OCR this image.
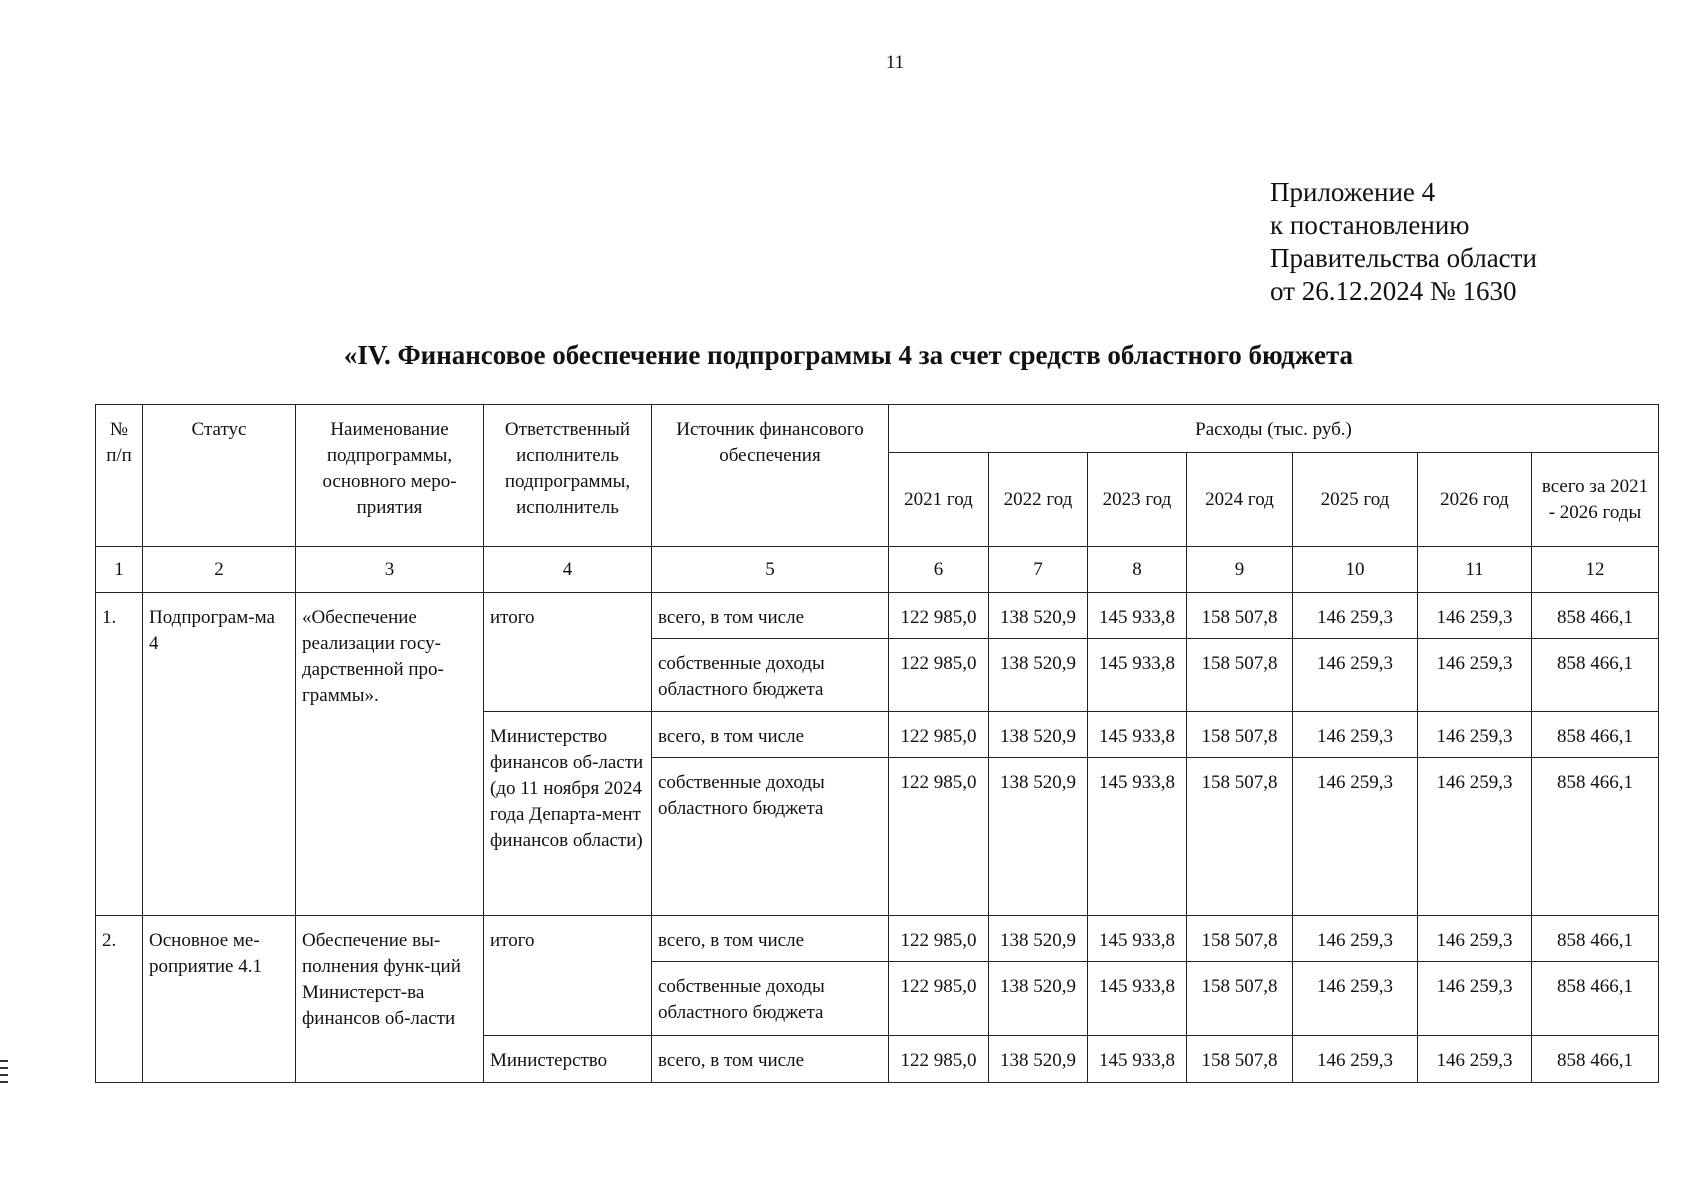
11
Приложение 4
к постановлению
Правительства области
от 26.12.2024 № 1630
«IV. Финансовое обеспечение подпрограммы 4 за счет средств областного бюджета
№ п/п	Статус	Наименование подпрограммы, основного меро-приятия	Ответственный исполнитель подпрограммы, исполнитель	Источник финансового обеспечения	Расходы (тыс. руб.)						
					2021 год	2022 год	2023 год	2024 год	2025 год	2026 год	всего за 2021 - 2026 годы
1	2	3	4	5	6	7	8	9	10	11	12
1.	Подпрограм-ма 4	«Обеспечение реализации госу-дарственной про-граммы».	итого	всего, в том числе	122 985,0	138 520,9	145 933,8	158 507,8	146 259,3	146 259,3	858 466,1
				собственные доходы областного бюджета	122 985,0	138 520,9	145 933,8	158 507,8	146 259,3	146 259,3	858 466,1
			Министерство финансов об-ласти (до 11 ноября 2024 года Департа-мент финансов области)	всего, в том числе	122 985,0	138 520,9	145 933,8	158 507,8	146 259,3	146 259,3	858 466,1
				собственные доходы областного бюджета	122 985,0	138 520,9	145 933,8	158 507,8	146 259,3	146 259,3	858 466,1
2.	Основное ме-роприятие 4.1	Обеспечение вы-полнения функ-ций Министерст-ва финансов об-ласти	итого	всего, в том числе	122 985,0	138 520,9	145 933,8	158 507,8	146 259,3	146 259,3	858 466,1
				собственные доходы областного бюджета	122 985,0	138 520,9	145 933,8	158 507,8	146 259,3	146 259,3	858 466,1
			Министерство	всего, в том числе	122 985,0	138 520,9	145 933,8	158 507,8	146 259,3	146 259,3	858 466,1
